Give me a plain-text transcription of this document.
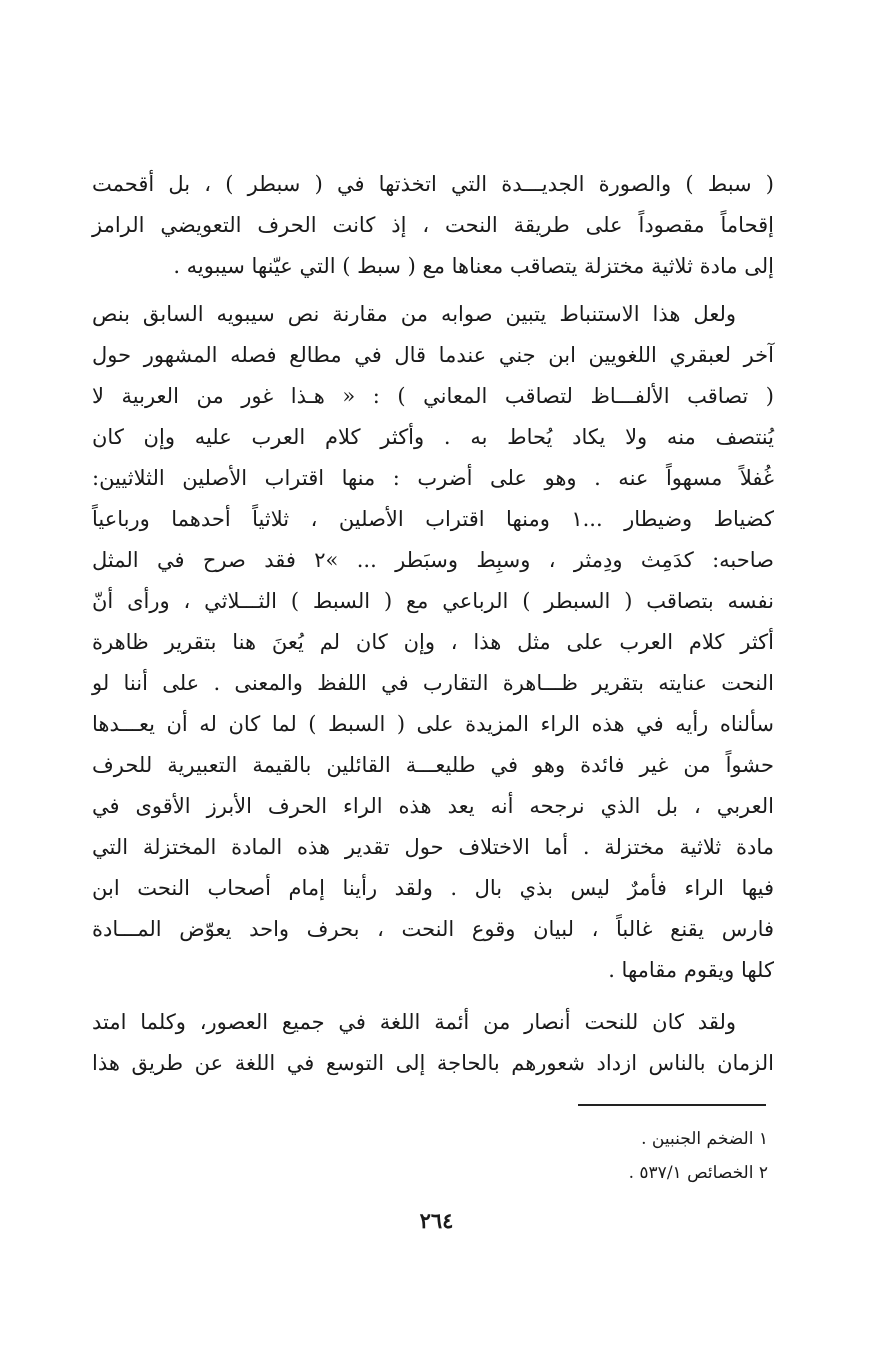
( سبط ) والصورة الجديـــدة التي اتخذتها في ( سبطر ) ، بل أقحمت
إقحاماً مقصوداً على طريقة النحت ، إذ كانت الحرف التعويضي الرامز
إلى مادة ثلاثية مختزلة يتصاقب معناها مع ( سبط ) التي عيّنها سيبويه .
ولعل هذا الاستنباط يتبين صوابه من مقارنة نص سيبويه السابق بنص
آخر لعبقري اللغويين ابن جني عندما قال في مطالع فصله المشهور حول
( تصاقب الألفـــاظ لتصاقب المعاني ) : « هـذا غور من العربية لا
يُنتصف منه ولا يكاد يُحاط به . وأكثر كلام العرب عليه وإن كان
غُفلاً مسهواً عنه . وهو على أضرب : منها اقتراب الأصلين الثلاثيين:
كضياط وضيطار ...١ ومنها اقتراب الأصلين ، ثلاثياً أحدهما ورباعياً
صاحبه: كدَمِث ودِمثر ، وسبِط وسبَطر ... »٢ فقد صرح في المثل
نفسه بتصاقب ( السبطر ) الرباعي مع ( السبط ) الثـــلاثي ، ورأى أنّ
أكثر كلام العرب على مثل هذا ، وإن كان لم يُعنَ هنا بتقرير ظاهرة
النحت عنايته بتقرير ظـــاهرة التقارب في اللفظ والمعنى . على أننا لو
سألناه رأيه في هذه الراء المزيدة على ( السبط ) لما كان له أن يعـــدها
حشواً من غير فائدة وهو في طليعـــة القائلين بالقيمة التعبيرية للحرف
العربي ، بل الذي نرجحه أنه يعد هذه الراء الحرف الأبرز الأقوى في
مادة ثلاثية مختزلة . أما الاختلاف حول تقدير هذه المادة المختزلة التي
فيها الراء فأمرٌ ليس بذي بال . ولقد رأينا إمام أصحاب النحت ابن
فارس يقنع غالباً ، لبيان وقوع النحت ، بحرف واحد يعوّض المـــادة
كلها ويقوم مقامها .
ولقد كان للنحت أنصار من أئمة اللغة في جميع العصور، وكلما امتد
الزمان بالناس ازداد شعورهم بالحاجة إلى التوسع في اللغة عن طريق هذا
١ الضخم الجنبين .
٢ الخصائص ٥٣٧/١ .
٢٦٤
